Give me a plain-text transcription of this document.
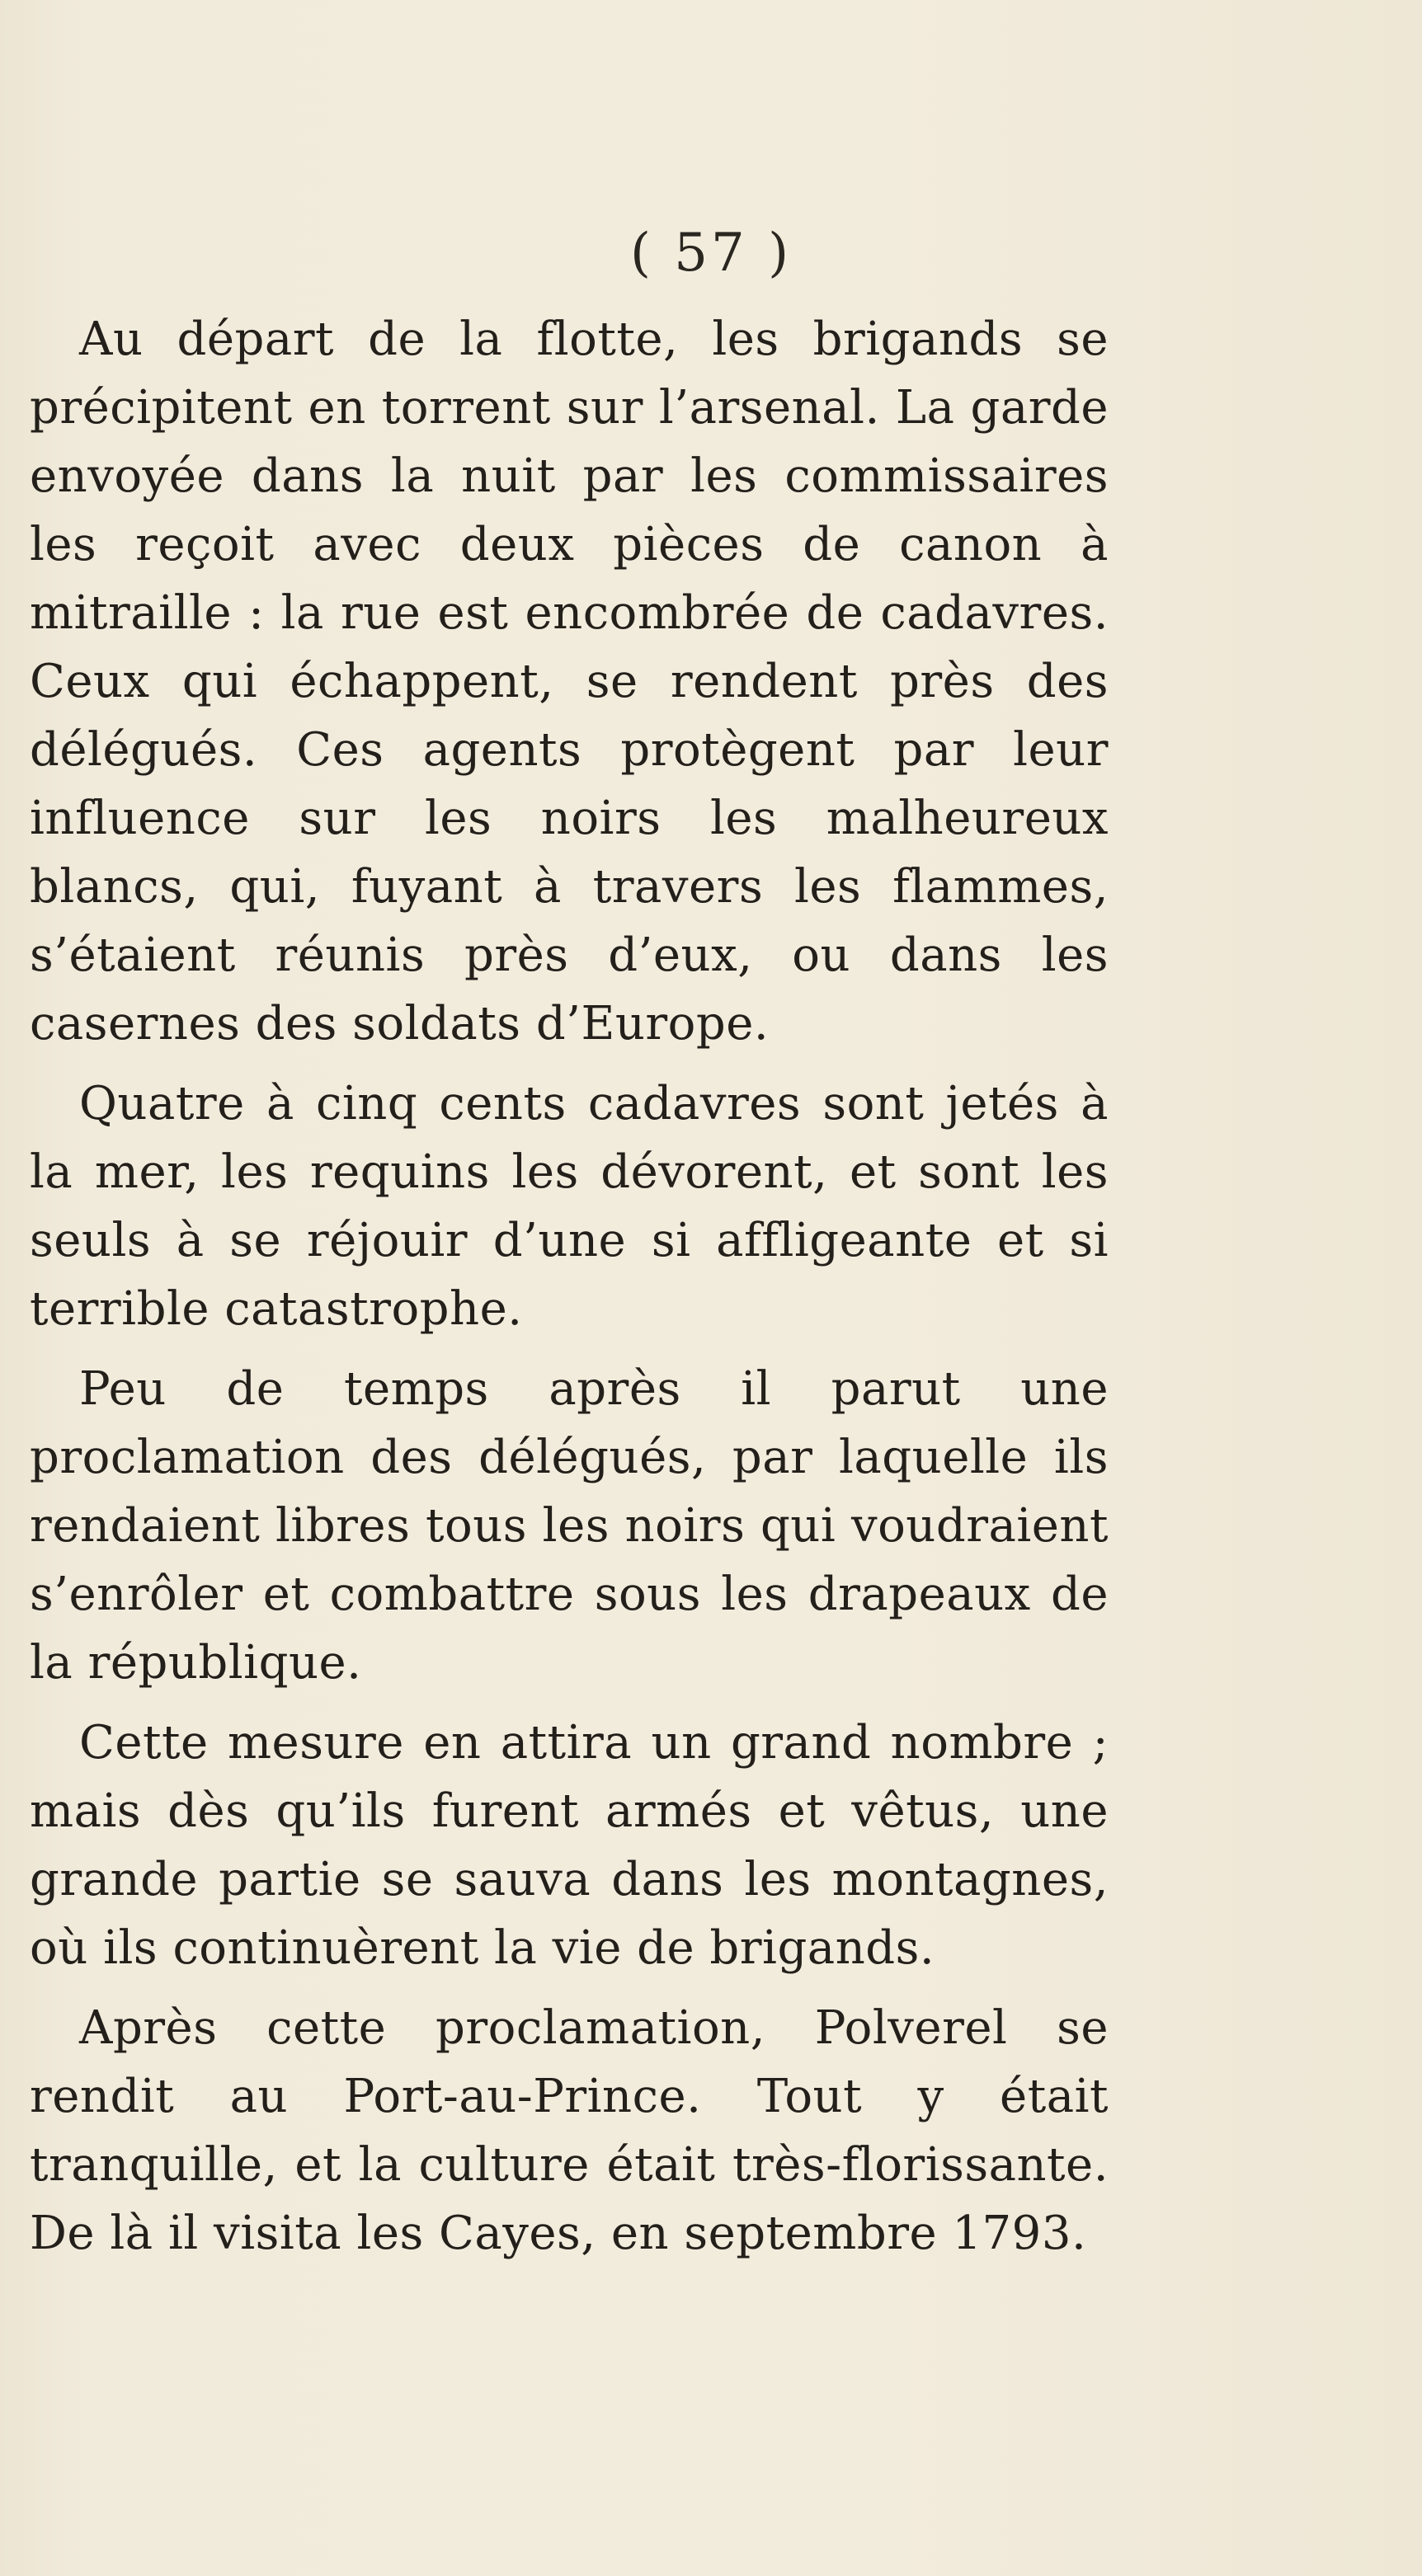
( 57 )

Au départ de la flotte, les brigands se précipitent en torrent sur l’arsenal. La garde envoyée dans la nuit par les commissaires les reçoit avec deux pièces de canon à mitraille : la rue est encombrée de cadavres. Ceux qui échappent, se rendent près des délégués. Ces agents protègent par leur influence sur les noirs les malheureux blancs, qui, fuyant à travers les flammes, s’étaient réunis près d’eux, ou dans les casernes des soldats d’Europe.

Quatre à cinq cents cadavres sont jetés à la mer, les requins les dévorent, et sont les seuls à se réjouir d’une si affligeante et si terrible catastrophe.

Peu de temps après il parut une proclamation des délégués, par laquelle ils rendaient libres tous les noirs qui voudraient s’enrôler et combattre sous les drapeaux de la république.

Cette mesure en attira un grand nombre ; mais dès qu’ils furent armés et vêtus, une grande partie se sauva dans les montagnes, où ils continuèrent la vie de brigands.

Après cette proclamation, Polverel se rendit au Port-au-Prince. Tout y était tranquille, et la culture était très-florissante. De là il visita les Cayes, en septembre 1793.
